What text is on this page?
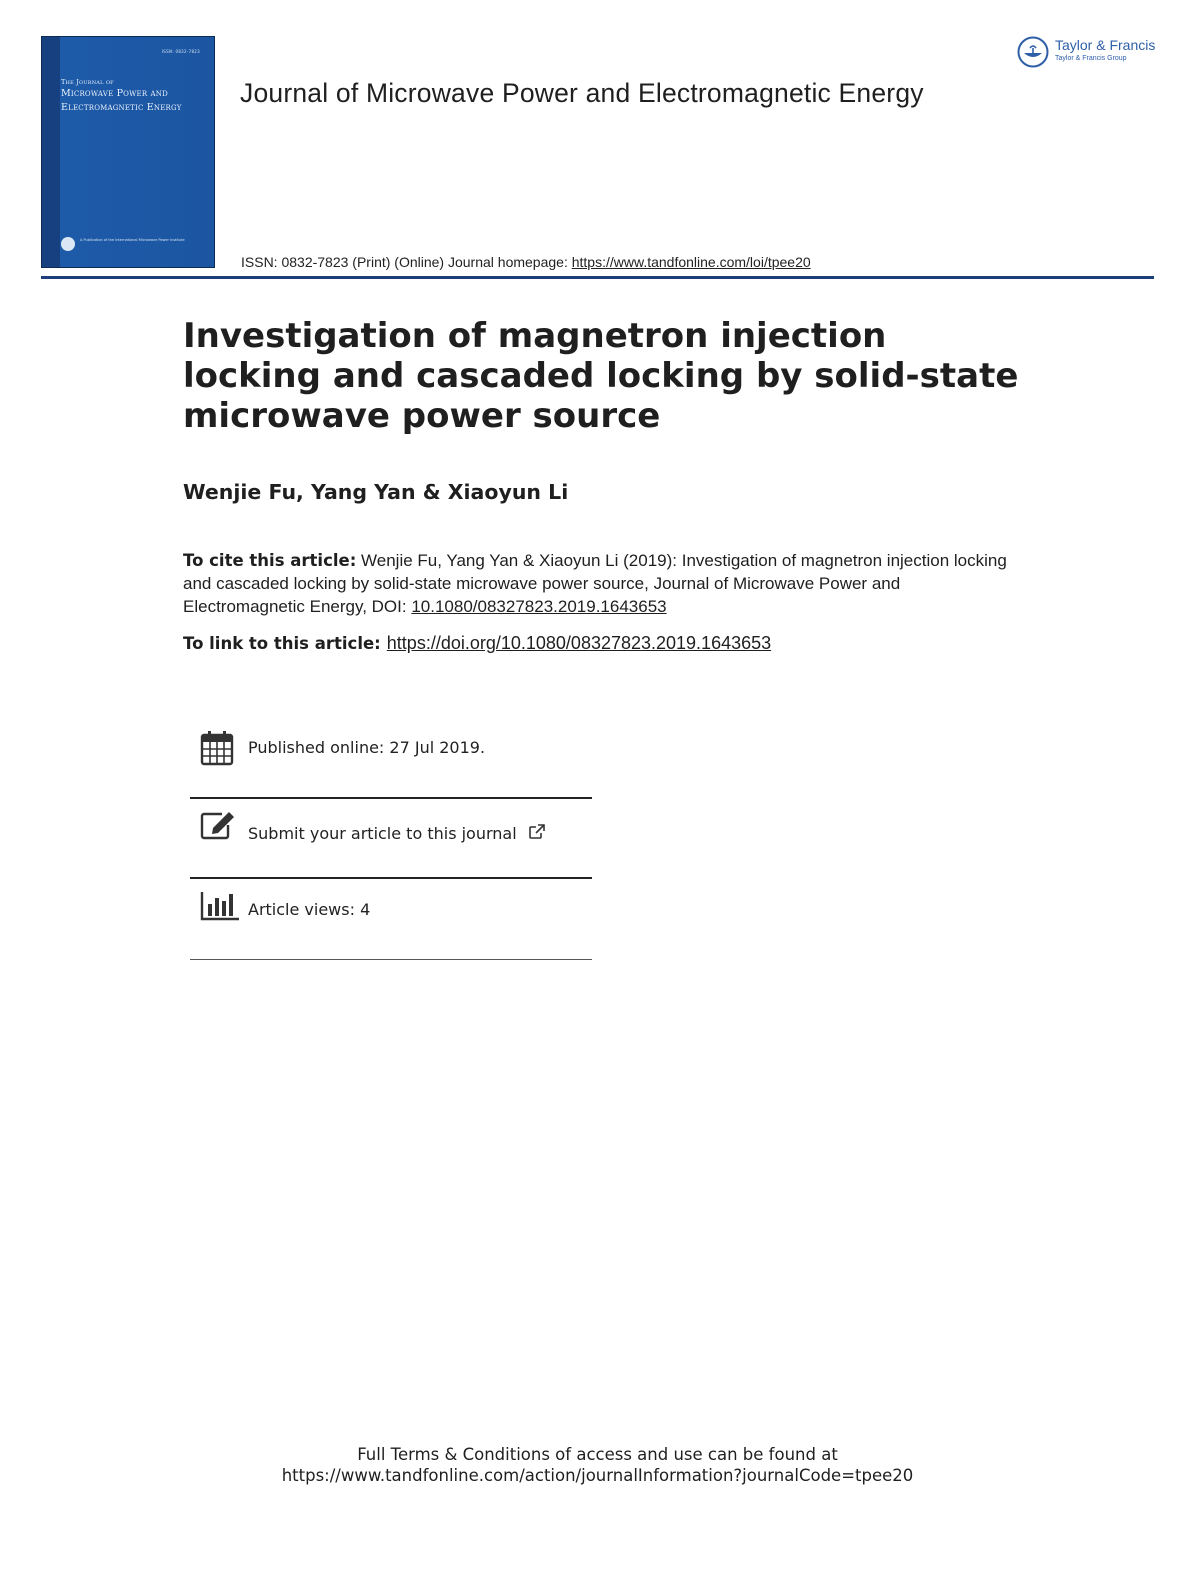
ISSN: 0832-7823
The Journal of
Microwave Power and
Electromagnetic Energy
A Publication of the International Microwave Power Institute
Journal of Microwave Power and Electromagnetic Energy
ISSN: 0832-7823 (Print) (Online) Journal homepage: https://www.tandfonline.com/loi/tpee20
Taylor & Francis
Taylor & Francis Group
Investigation of magnetron injection locking and cascaded locking by solid-state microwave power source
Wenjie Fu, Yang Yan & Xiaoyun Li
To cite this article: Wenjie Fu, Yang Yan & Xiaoyun Li (2019): Investigation of magnetron injection locking and cascaded locking by solid-state microwave power source, Journal of Microwave Power and Electromagnetic Energy, DOI: 10.1080/08327823.2019.1643653
To link to this article: https://doi.org/10.1080/08327823.2019.1643653
Published online: 27 Jul 2019.
Submit your article to this journal
Article views: 4
Full Terms & Conditions of access and use can be found at
https://www.tandfonline.com/action/journalInformation?journalCode=tpee20
